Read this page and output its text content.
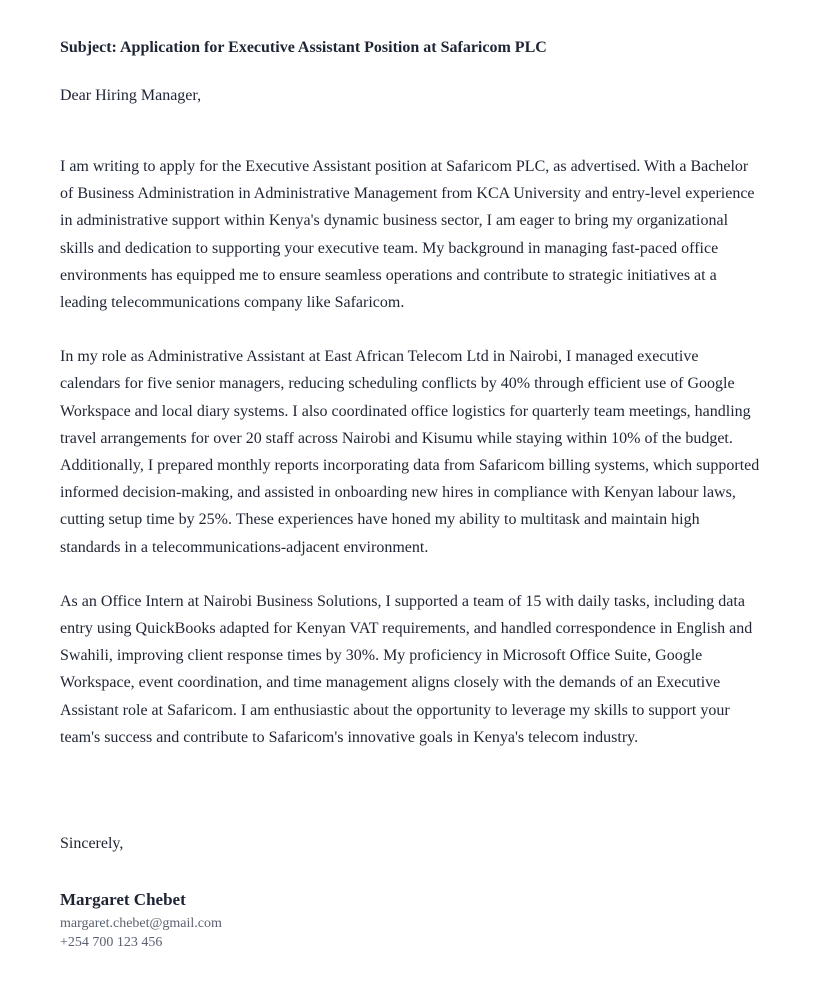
Subject: Application for Executive Assistant Position at Safaricom PLC

Dear Hiring Manager,

I am writing to apply for the Executive Assistant position at Safaricom PLC, as advertised. With a Bachelor of Business Administration in Administrative Management from KCA University and entry-level experience in administrative support within Kenya's dynamic business sector, I am eager to bring my organizational skills and dedication to supporting your executive team. My background in managing fast-paced office environments has equipped me to ensure seamless operations and contribute to strategic initiatives at a leading telecommunications company like Safaricom.

In my role as Administrative Assistant at East African Telecom Ltd in Nairobi, I managed executive calendars for five senior managers, reducing scheduling conflicts by 40% through efficient use of Google Workspace and local diary systems. I also coordinated office logistics for quarterly team meetings, handling travel arrangements for over 20 staff across Nairobi and Kisumu while staying within 10% of the budget. Additionally, I prepared monthly reports incorporating data from Safaricom billing systems, which supported informed decision-making, and assisted in onboarding new hires in compliance with Kenyan labour laws, cutting setup time by 25%. These experiences have honed my ability to multitask and maintain high standards in a telecommunications-adjacent environment.

As an Office Intern at Nairobi Business Solutions, I supported a team of 15 with daily tasks, including data entry using QuickBooks adapted for Kenyan VAT requirements, and handled correspondence in English and Swahili, improving client response times by 30%. My proficiency in Microsoft Office Suite, Google Workspace, event coordination, and time management aligns closely with the demands of an Executive Assistant role at Safaricom. I am enthusiastic about the opportunity to leverage my skills to support your team's success and contribute to Safaricom's innovative goals in Kenya's telecom industry.

Sincerely,

Margaret Chebet

margaret.chebet@gmail.com
+254 700 123 456
